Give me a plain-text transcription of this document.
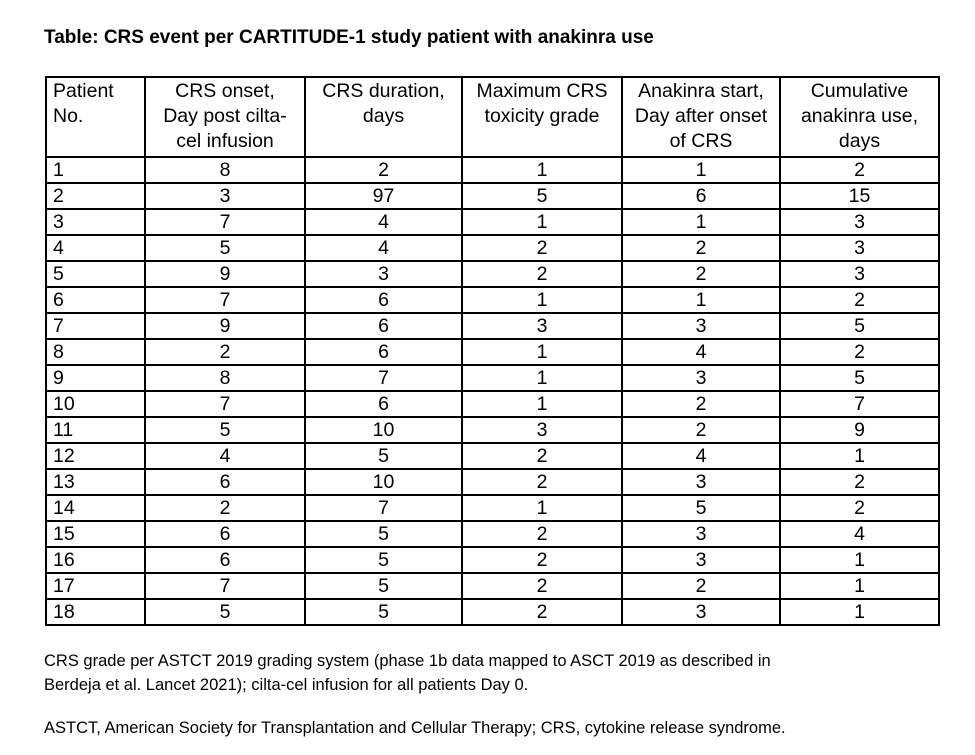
Table: CRS event per CARTITUDE-1 study patient with anakinra use
Patient
No.	CRS onset,
Day post cilta-
cel infusion	CRS duration,
days	Maximum CRS
toxicity grade	Anakinra start,
Day after onset
of CRS	Cumulative
anakinra use,
days
1	8	2	1	1	2
2	3	97	5	6	15
3	7	4	1	1	3
4	5	4	2	2	3
5	9	3	2	2	3
6	7	6	1	1	2
7	9	6	3	3	5
8	2	6	1	4	2
9	8	7	1	3	5
10	7	6	1	2	7
11	5	10	3	2	9
12	4	5	2	4	1
13	6	10	2	3	2
14	2	7	1	5	2
15	6	5	2	3	4
16	6	5	2	3	1
17	7	5	2	2	1
18	5	5	2	3	1
CRS grade per ASTCT 2019 grading system (phase 1b data mapped to ASCT 2019 as described in
Berdeja et al. Lancet 2021); cilta-cel infusion for all patients Day 0.
ASTCT, American Society for Transplantation and Cellular Therapy; CRS, cytokine release syndrome.
